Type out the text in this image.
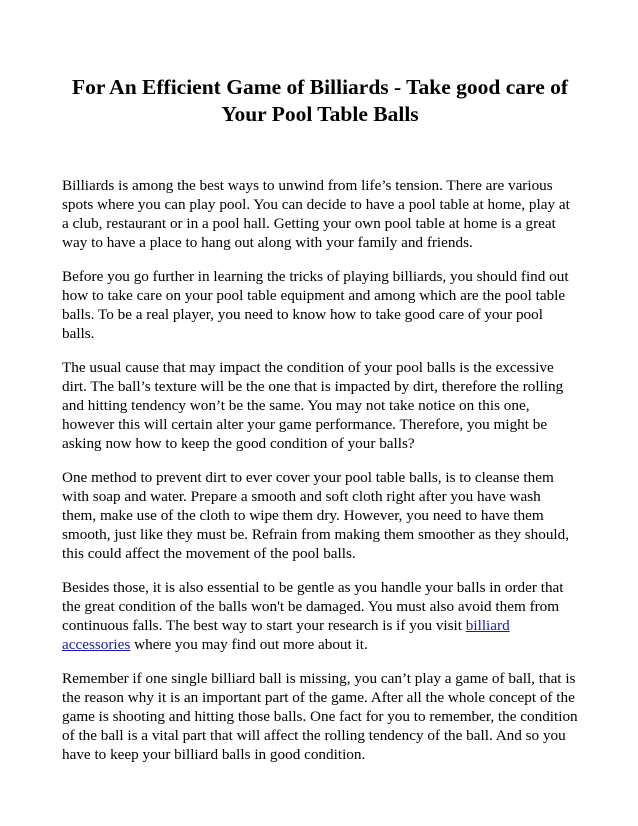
For An Efficient Game of Billiards - Take good care of Your Pool Table Balls

Billiards is among the best ways to unwind from life’s tension. There are various spots where you can play pool. You can decide to have a pool table at home, play at a club, restaurant or in a pool hall. Getting your own pool table at home is a great way to have a place to hang out along with your family and friends.

Before you go further in learning the tricks of playing billiards, you should find out how to take care on your pool table equipment and among which are the pool table balls. To be a real player, you need to know how to take good care of your pool balls.

The usual cause that may impact the condition of your pool balls is the excessive dirt. The ball’s texture will be the one that is impacted by dirt, therefore the rolling and hitting tendency won’t be the same. You may not take notice on this one, however this will certain alter your game performance. Therefore, you might be asking now how to keep the good condition of your balls?

One method to prevent dirt to ever cover your pool table balls, is to cleanse them with soap and water. Prepare a smooth and soft cloth right after you have wash them, make use of the cloth to wipe them dry. However, you need to have them smooth, just like they must be. Refrain from making them smoother as they should, this could affect the movement of the pool balls.

Besides those, it is also essential to be gentle as you handle your balls in order that the great condition of the balls won't be damaged. You must also avoid them from continuous falls. The best way to start your research is if you visit billiard accessories where you may find out more about it.

Remember if one single billiard ball is missing, you can’t play a game of ball, that is the reason why it is an important part of the game. After all the whole concept of the game is shooting and hitting those balls. One fact for you to remember, the condition of the ball is a vital part that will affect the rolling tendency of the ball. And so you have to keep your billiard balls in good condition.
